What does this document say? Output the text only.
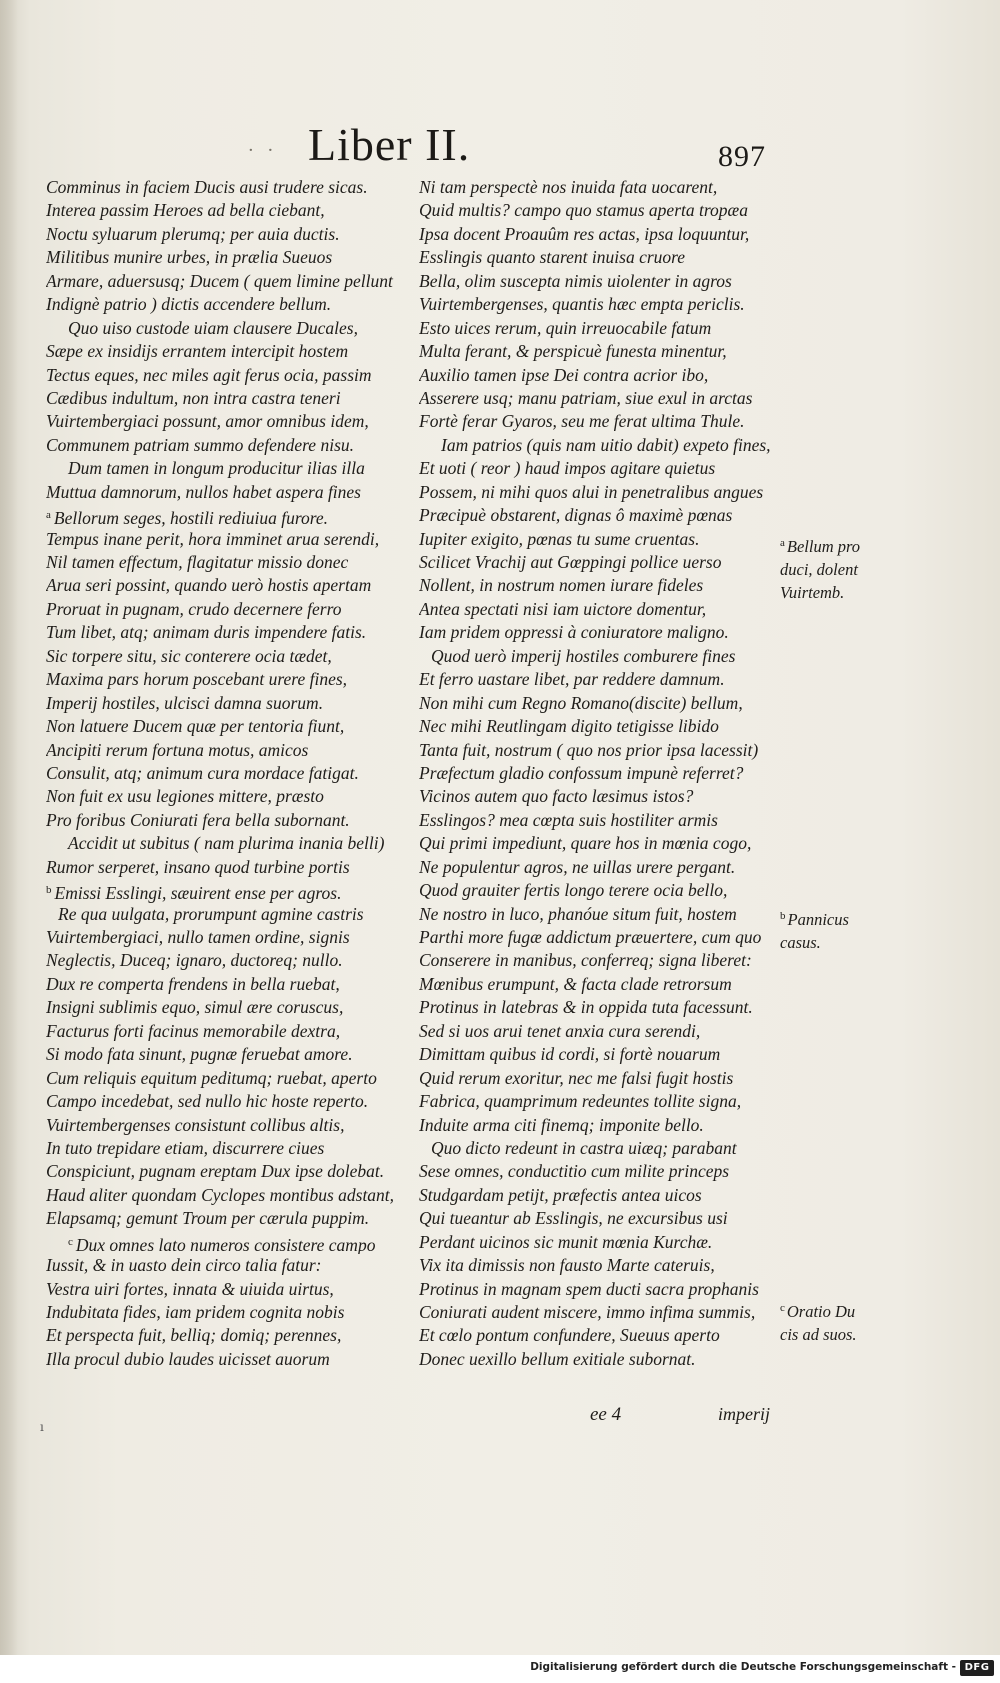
· · Liber II.	897
Comminus in faciem Ducis ausi trudere sicas.
Interea passim Heroes ad bella ciebant,
Noctu syluarum plerumq; per auia ductis.
Militibus munire urbes, in prælia Sueuos
Armare, aduersusq; Ducem ( quem limine pellunt
Indignè patrio ) dictis accendere bellum.
Quo uiso custode uiam clausere Ducales,
Sæpe ex insidijs errantem intercipit hostem
Tectus eques, nec miles agit ferus ocia, passim
Cædibus indultum, non intra castra teneri
Vuirtembergiaci possunt, amor omnibus idem,
Communem patriam summo defendere nisu.
Dum tamen in longum producitur ilias illa
Muttua damnorum, nullos habet aspera fines
$^a$ Bellorum seges, hostili rediuiua furore.
Tempus inane perit, hora imminet arua serendi,
Nil tamen effectum, flagitatur missio donec
Arua seri possint, quando uerò hostis apertam
Proruat in pugnam, crudo decernere ferro
Tum libet, atq; animam duris impendere fatis.
Sic torpere situ, sic conterere ocia tædet,
Maxima pars horum poscebant urere fines,
Imperij hostiles, ulcisci damna suorum.
Non latuere Ducem quæ per tentoria fiunt,
Ancipiti rerum fortuna motus, amicos
Consulit, atq; animum cura mordace fatigat.
Non fuit ex usu legiones mittere, præsto
Pro foribus Coniurati fera bella subornant.
Accidit ut subitus ( nam plurima inania belli)
Rumor serperet, insano quod turbine portis
$^b$ Emissi Esslingi, sæuirent ense per agros.
Re qua uulgata, prorumpunt agmine castris
Vuirtembergiaci, nullo tamen ordine, signis
Neglectis, Duceq; ignaro, ductoreq; nullo.
Dux re comperta frendens in bella ruebat,
Insigni sublimis equo, simul ære coruscus,
Facturus forti facinus memorabile dextra,
Si modo fata sinunt, pugnæ feruebat amore.
Cum reliquis equitum peditumq; ruebat, aperto
Campo incedebat, sed nullo hic hoste reperto.
Vuirtembergenses consistunt collibus altis,
In tuto trepidare etiam, discurrere ciues
Conspiciunt, pugnam ereptam Dux ipse dolebat.
Haud aliter quondam Cyclopes montibus adstant,
Elapsamq; gemunt Troum per cærula puppim.
$^c$ Dux omnes lato numeros consistere campo
Iussit, & in uasto dein circo talia fatur:
Vestra uiri fortes, innata & uiuida uirtus,
Indubitata fides, iam pridem cognita nobis
Et perspecta fuit, belliq; domiq; perennes,
Illa procul dubio laudes uicisset auorum
Ni tam perspectè nos inuida fata uocarent,
Quid multis? campo quo stamus aperta tropæa
Ipsa docent Proauûm res actas, ipsa loquuntur,
Esslingis quanto starent inuisa cruore
Bella, olim suscepta nimis uiolenter in agros
Vuirtembergenses, quantis hæc empta periclis.
Esto uices rerum, quin irreuocabile fatum
Multa ferant, & perspicuè funesta minentur,
Auxilio tamen ipse Dei contra acrior ibo,
Asserere usq; manu patriam, siue exul in arctas
Fortè ferar Gyaros, seu me ferat ultima Thule.
Iam patrios (quis nam uitio dabit) expeto fines,
Et uoti ( reor ) haud impos agitare quietus
Possem, ni mihi quos alui in penetralibus angues
Præcipuè obstarent, dignas ô maximè pœnas
Iupiter exigito, pœnas tu sume cruentas.
Scilicet Vrachij aut Gœppingi pollice uerso
Nollent, in nostrum nomen iurare fideles
Antea spectati nisi iam uictore domentur,
Iam pridem oppressi à coniuratore maligno.
Quod uerò imperij hostiles comburere fines
Et ferro uastare libet, par reddere damnum.
Non mihi cum Regno Romano(discite) bellum,
Nec mihi Reutlingam digito tetigisse libido
Tanta fuit, nostrum ( quo nos prior ipsa lacessit)
Præfectum gladio confossum impunè referret?
Vicinos autem quo facto læsimus istos?
Esslingos? mea cœpta suis hostiliter armis
Qui primi impediunt, quare hos in mœnia cogo,
Ne populentur agros, ne uillas urere pergant.
Quod grauiter fertis longo terere ocia bello,
Ne nostro in luco, phanóue situm fuit, hostem
Parthi more fugæ addictum præuertere, cum quo
Conserere in manibus, conferreq; signa liberet:
Mœnibus erumpunt, & facta clade retrorsum
Protinus in latebras & in oppida tuta facessunt.
Sed si uos arui tenet anxia cura serendi,
Dimittam quibus id cordi, si fortè nouarum
Quid rerum exoritur, nec me falsi fugit hostis
Fabrica, quamprimum redeuntes tollite signa,
Induite arma citi finemq; imponite bello.
Quo dicto redeunt in castra uiæq; parabant
Sese omnes, conductitio cum milite princeps
Studgardam petijt, præfectis antea uicos
Qui tueantur ab Esslingis, ne excursibus usi
Perdant uicinos sic munit mœnia Kurchæ.
Vix ita dimissis non fausto Marte cateruis,
Protinus in magnam spem ducti sacra prophanis
Coniurati audent miscere, immo infima summis,
Et cœlo pontum confundere, Sueuus aperto
Donec uexillo bellum exitiale subornat.
$^a$ Bellum pro
duci, dolent
Vuirtemb.
$^b$ Pannicus
casus.
$^c$ Oratio Du
cis ad suos.
ı
ee 4	imperij
Digitalisierung gefördert durch die Deutsche Forschungsgemeinschaft - DFG
